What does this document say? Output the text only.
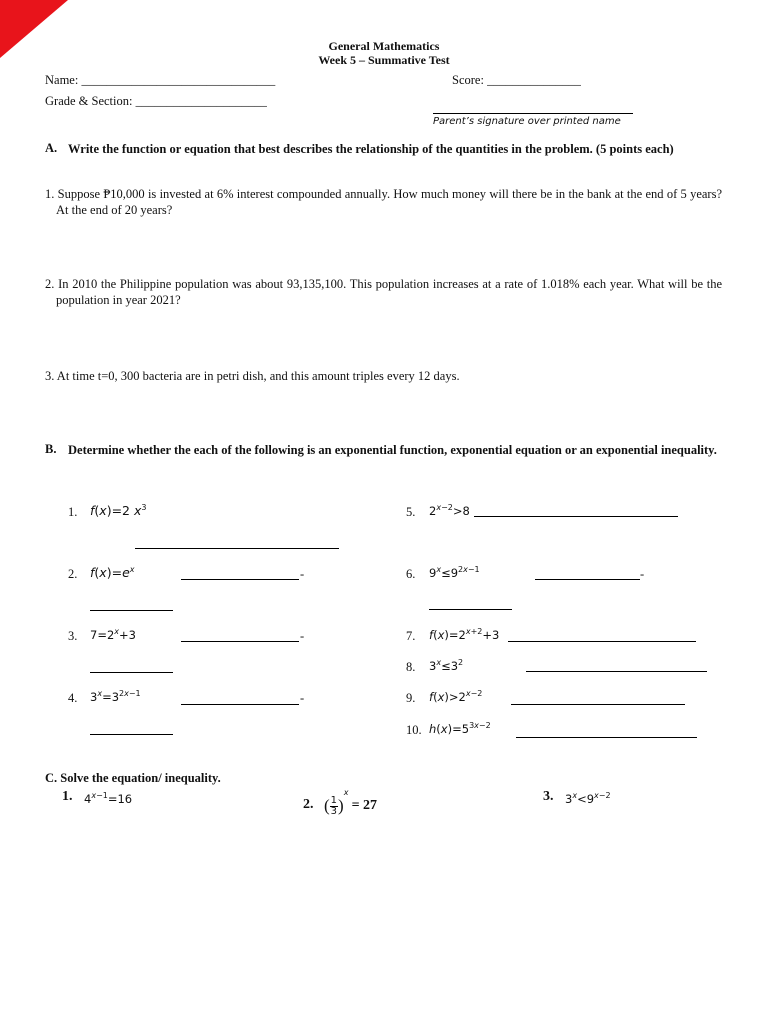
General Mathematics
Week 5 – Summative Test
Name: _______________________________	Score: _______________
Grade & Section: _____________________
Parent’s signature over printed name
A. Write the function or equation that best describes the relationship of the quantities in the problem. (5 points each)
1. Suppose ₱10,000 is invested at 6% interest compounded annually. How much money will there be in the bank at the end of 5 years? At the end of 20 years?
2. In 2010 the Philippine population was about 93,135,100. This population increases at a rate of 1.018% each year. What will be the population in year 2021?
3. At time t=0, 300 bacteria are in petri dish, and this amount triples every 12 days.
B. Determine whether the each of the following is an exponential function, exponential equation or an exponential inequality.
1. f(x)=2 $x^3$
2. $f(x)=e^x$	-
3. $7=2^x+3$	-
4. $3^x=3^{2x-1}$	-
5. $2^{x-2}>8$
6. $9^x\le 9^{2x-1}$	-
7. $f(x)=2^{x+2}+3$
8. $3^x\le 3^2$
9. $f(x)>2^{x-2}$
10. $h(x)=5^{3x-2}$
C. Solve the equation/ inequality.
1. $4^{x-1}=16$	2. ( $\frac{1}{3} )^x = 27$
3. $3^x<9^{x-2}$
